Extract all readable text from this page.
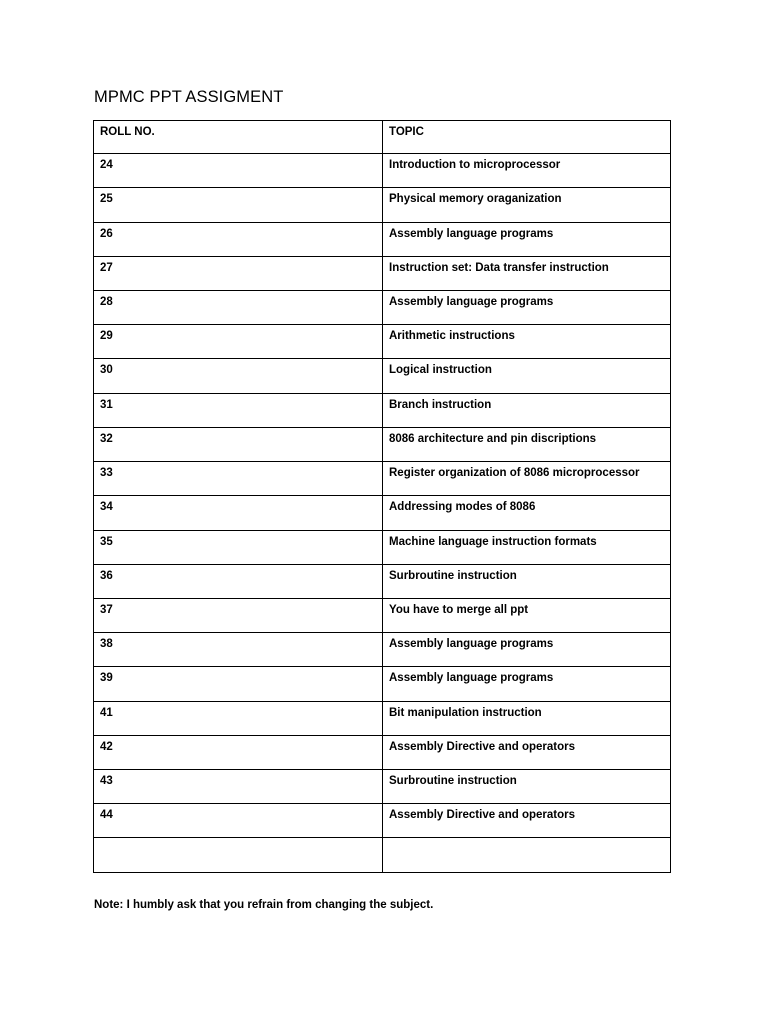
MPMC PPT ASSIGMENT
ROLL NO.	TOPIC
24	Introduction to microprocessor
25	Physical memory oraganization
26	Assembly language programs
27	Instruction set: Data transfer instruction
28	Assembly language programs
29	Arithmetic instructions
30	Logical instruction
31	Branch instruction
32	8086 architecture and pin discriptions
33	Register organization of 8086 microprocessor
34	Addressing modes of 8086
35	Machine language instruction formats
36	Surbroutine instruction
37	You have to merge all ppt
38	Assembly language programs
39	Assembly language programs
41	Bit manipulation instruction
42	Assembly Directive and operators
43	Surbroutine instruction
44	Assembly Directive and operators

Note: I humbly ask that you refrain from changing the subject.
